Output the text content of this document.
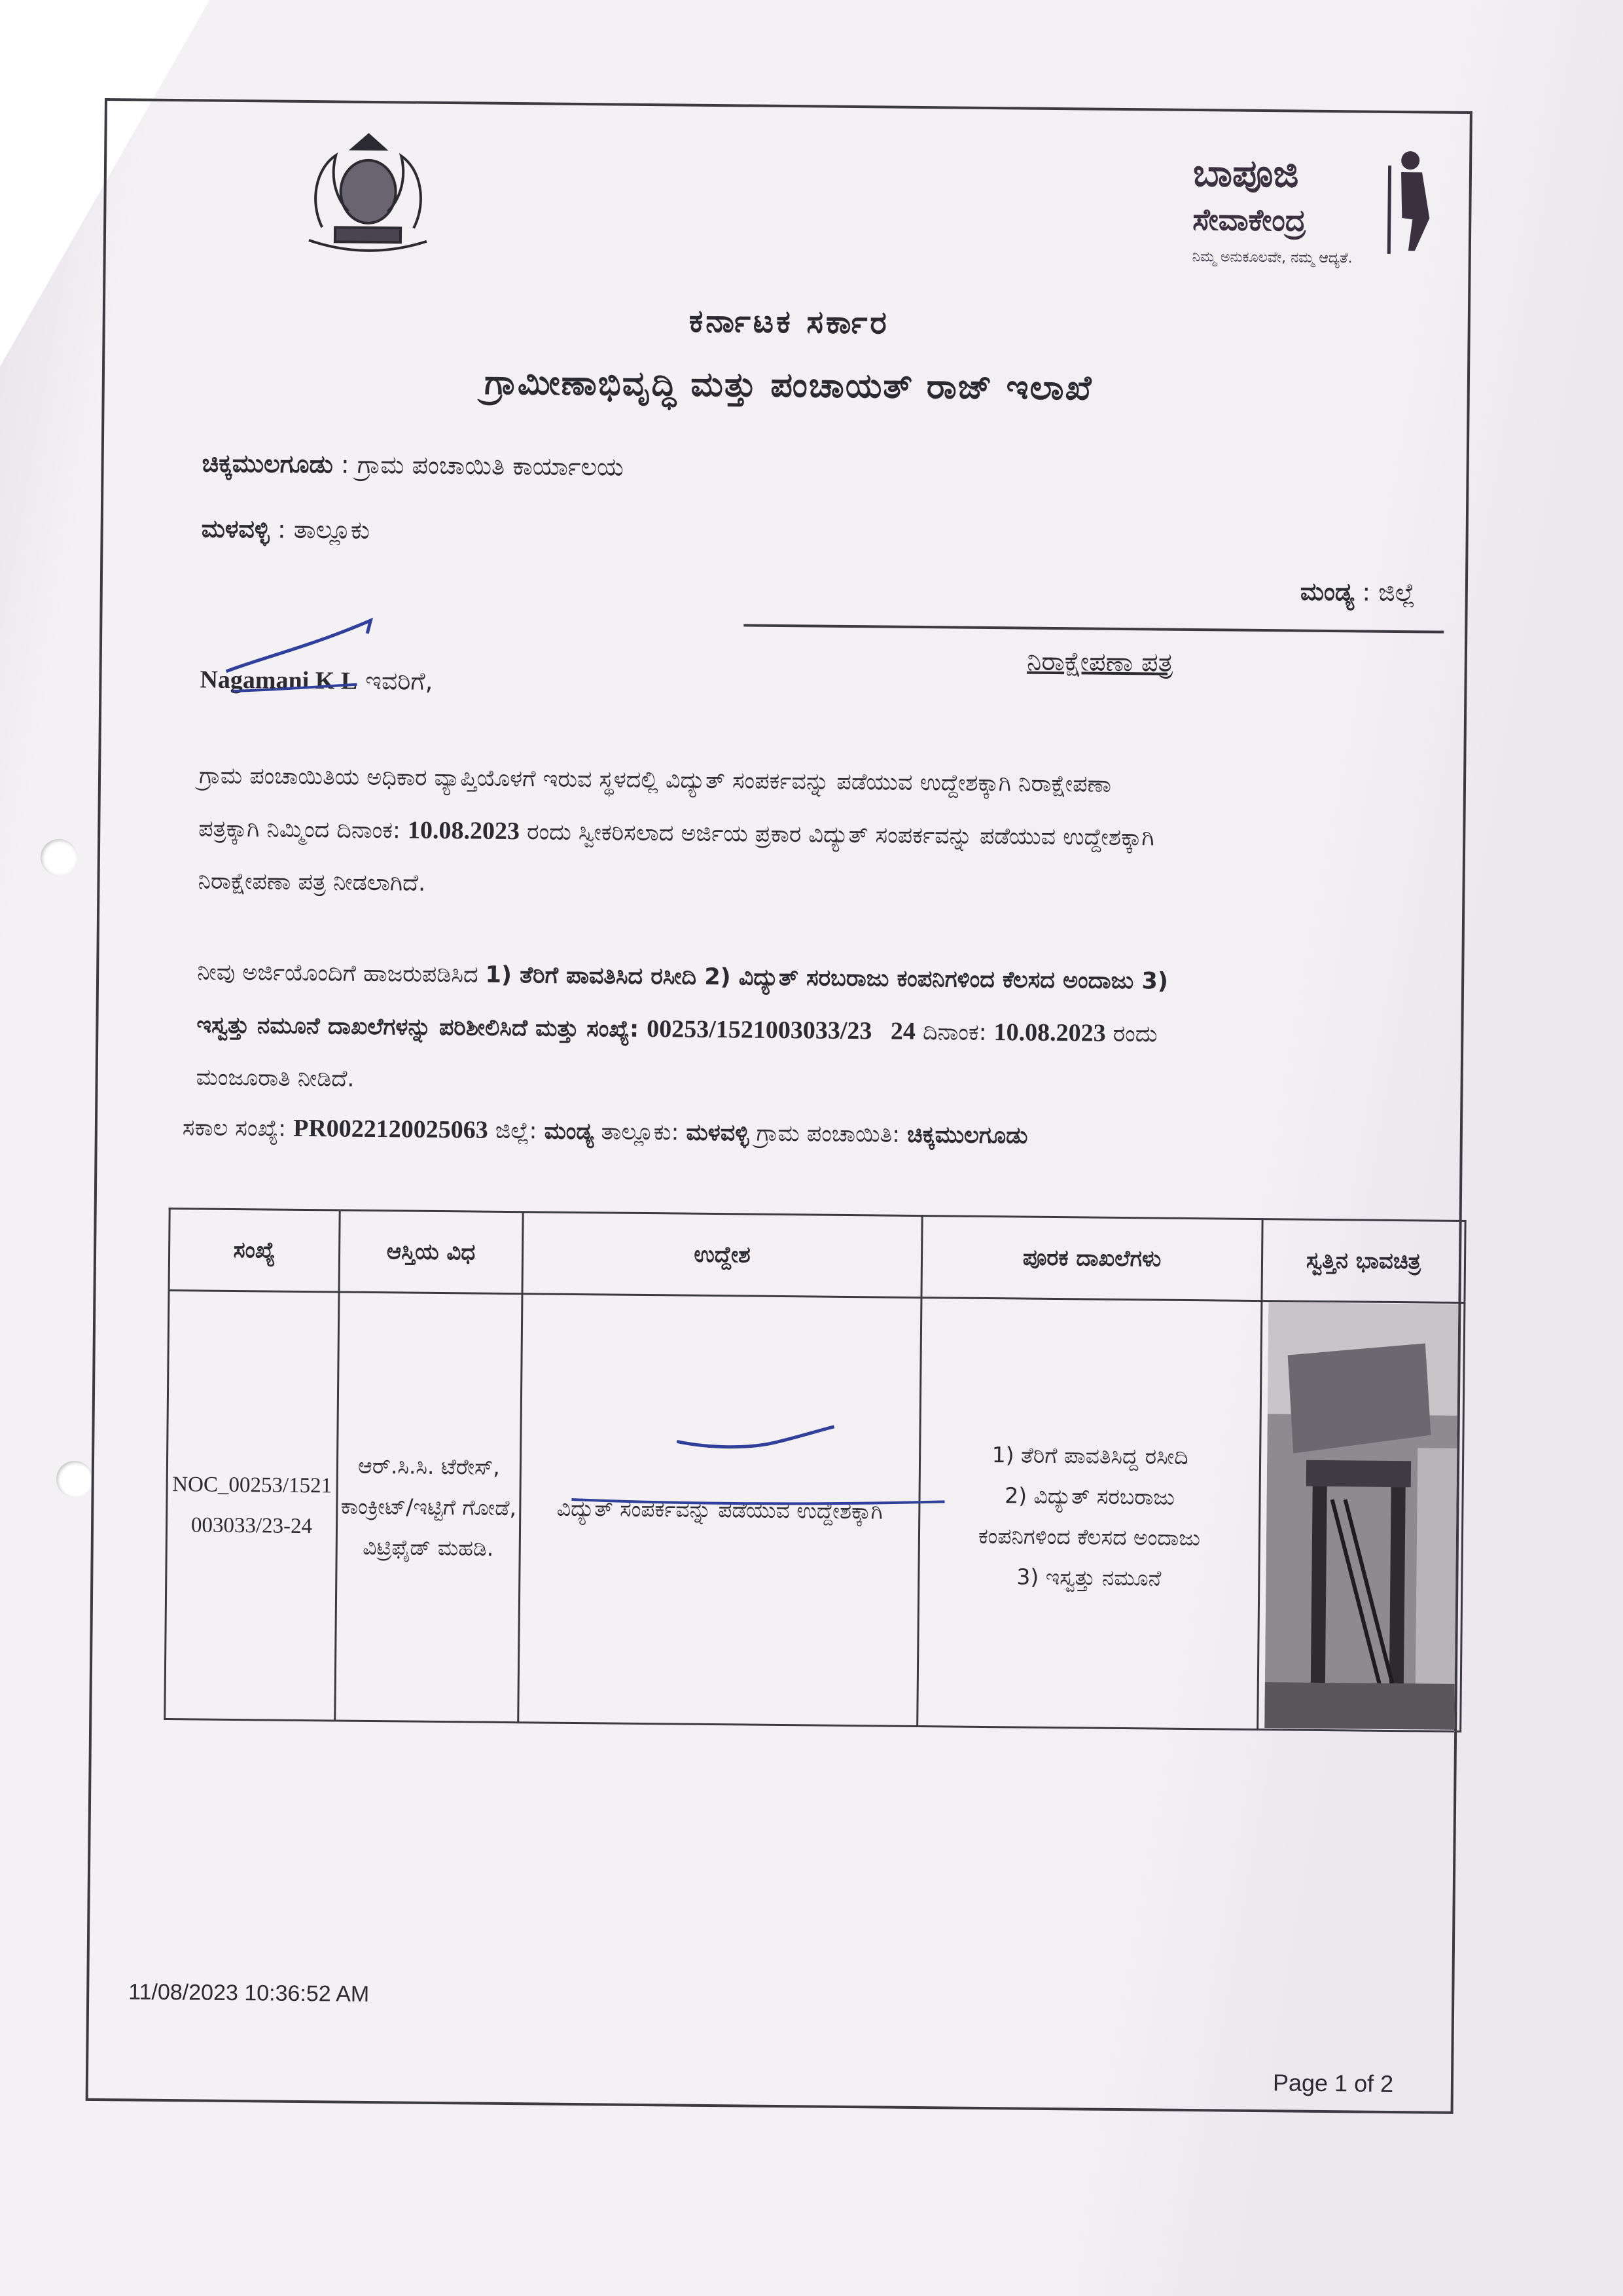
ಬಾಪೂಜಿ
ಸೇವಾಕೇಂದ್ರ
ನಿಮ್ಮ ಅನುಕೂಲವೇ, ನಮ್ಮ ಆದ್ಯತೆ.
ಕರ್ನಾಟಕ ಸರ್ಕಾರ
ಗ್ರಾಮೀಣಾಭಿವೃದ್ಧಿ ಮತ್ತು ಪಂಚಾಯತ್ ರಾಜ್ ಇಲಾಖೆ
ಚಿಕ್ಕಮುಲಗೂಡು : ಗ್ರಾಮ ಪಂಚಾಯಿತಿ ಕಾರ್ಯಾಲಯ
ಮಳವಳ್ಳಿ : ತಾಲ್ಲೂಕು
ಮಂಡ್ಯ : ಜಿಲ್ಲೆ
ನಿರಾಕ್ಷೇಪಣಾ ಪತ್ರ
Nagamani K L ಇವರಿಗೆ,
ಗ್ರಾಮ ಪಂಚಾಯಿತಿಯ ಅಧಿಕಾರ ವ್ಯಾಪ್ತಿಯೊಳಗೆ ಇರುವ ಸ್ಥಳದಲ್ಲಿ ವಿದ್ಯುತ್ ಸಂಪರ್ಕವನ್ನು ಪಡೆಯುವ ಉದ್ದೇಶಕ್ಕಾಗಿ ನಿರಾಕ್ಷೇಪಣಾ
ಪತ್ರಕ್ಕಾಗಿ ನಿಮ್ಮಿಂದ ದಿನಾಂಕ: 10.08.2023 ರಂದು ಸ್ವೀಕರಿಸಲಾದ ಅರ್ಜಿಯ ಪ್ರಕಾರ ವಿದ್ಯುತ್ ಸಂಪರ್ಕವನ್ನು ಪಡೆಯುವ ಉದ್ದೇಶಕ್ಕಾಗಿ
ನಿರಾಕ್ಷೇಪಣಾ ಪತ್ರ ನೀಡಲಾಗಿದೆ.
ನೀವು ಅರ್ಜಿಯೊಂದಿಗೆ ಹಾಜರುಪಡಿಸಿದ 1) ತೆರಿಗೆ ಪಾವತಿಸಿದ ರಸೀದಿ 2) ವಿದ್ಯುತ್ ಸರಬರಾಜು ಕಂಪನಿಗಳಿಂದ ಕೆಲಸದ ಅಂದಾಜು 3)
ಇಸ್ವತ್ತು ನಮೂನೆ ದಾಖಲೆಗಳನ್ನು ಪರಿಶೀಲಿಸಿದೆ ಮತ್ತು ಸಂಖ್ಯೆ: 00253/1521003033/23   24 ದಿನಾಂಕ: 10.08.2023 ರಂದು
ಮಂಜೂರಾತಿ ನೀಡಿದೆ.
ಸಕಾಲ ಸಂಖ್ಯೆ: PR0022120025063 ಜಿಲ್ಲೆ: ಮಂಡ್ಯ ತಾಲ್ಲೂಕು: ಮಳವಳ್ಳಿ ಗ್ರಾಮ ಪಂಚಾಯಿತಿ: ಚಿಕ್ಕಮುಲಗೂಡು
ಸಂಖ್ಯೆ	ಆಸ್ತಿಯ ವಿಧ	ಉದ್ದೇಶ	ಪೂರಕ ದಾಖಲೆಗಳು	ಸ್ವತ್ತಿನ ಭಾವಚಿತ್ರ
NOC_00253/1521003033/23-24	ಆರ್.ಸಿ.ಸಿ. ಟೆರೇಸ್, ಕಾಂಕ್ರೀಟ್/ಇಟ್ಟಿಗೆ ಗೋಡೆ, ವಿಟ್ರಿಫೈಡ್ ಮಹಡಿ.	ವಿದ್ಯುತ್ ಸಂಪರ್ಕವನ್ನು ಪಡೆಯುವ ಉದ್ದೇಶಕ್ಕಾಗಿ	1) ತೆರಿಗೆ ಪಾವತಿಸಿದ್ದ ರಸೀದಿ
2) ವಿದ್ಯುತ್ ಸರಬರಾಜು
ಕಂಪನಿಗಳಿಂದ ಕೆಲಸದ ಅಂದಾಜು
3) ಇಸ್ವತ್ತು ನಮೂನೆ

11/08/2023 10:36:52 AM
Page 1 of 2
